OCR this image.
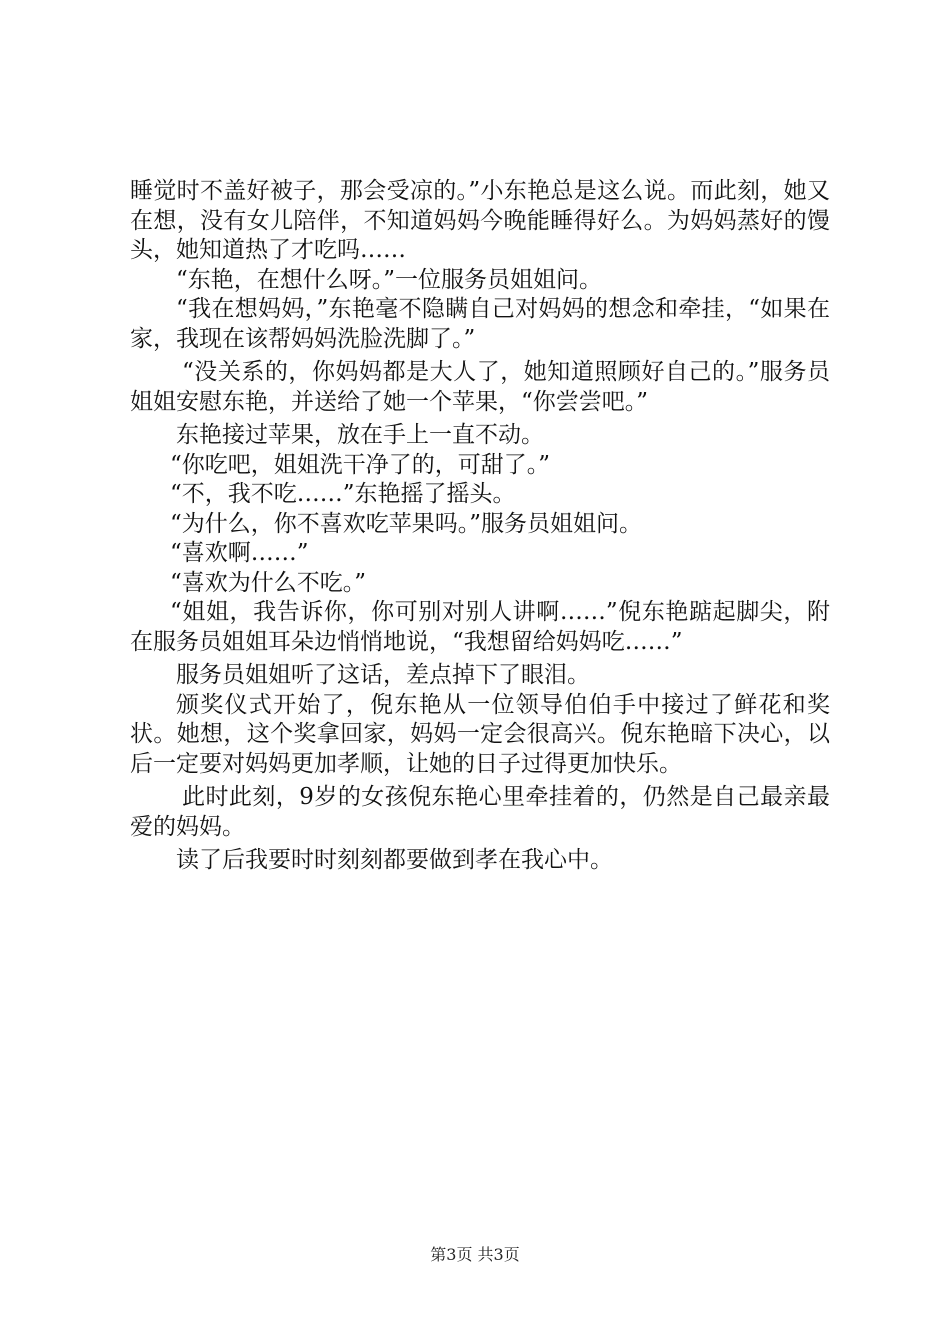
睡觉时不盖好被子，那会受凉的。”小东艳总是这么说。而此刻，她又在想，没有女儿陪伴，不知道妈妈今晚能睡得好么。为妈妈蒸好的馒头，她知道热了才吃吗……

“东艳，在想什么呀。”一位服务员姐姐问。

“我在想妈妈，”东艳毫不隐瞒自己对妈妈的想念和牵挂，“如果在家，我现在该帮妈妈洗脸洗脚了。”

“没关系的，你妈妈都是大人了，她知道照顾好自己的。”服务员姐姐安慰东艳，并送给了她一个苹果，“你尝尝吧。”

东艳接过苹果，放在手上一直不动。

“你吃吧，姐姐洗干净了的，可甜了。”

“不，我不吃……”东艳摇了摇头。

“为什么，你不喜欢吃苹果吗。”服务员姐姐问。

“喜欢啊……”

“喜欢为什么不吃。”

“姐姐，我告诉你，你可别对别人讲啊……”倪东艳踮起脚尖，附在服务员姐姐耳朵边悄悄地说，“我想留给妈妈吃……”

服务员姐姐听了这话，差点掉下了眼泪。

颁奖仪式开始了，倪东艳从一位领导伯伯手中接过了鲜花和奖状。她想，这个奖拿回家，妈妈一定会很高兴。倪东艳暗下决心，以后一定要对妈妈更加孝顺，让她的日子过得更加快乐。

此时此刻，9岁的女孩倪东艳心里牵挂着的，仍然是自己最亲最爱的妈妈。

读了后我要时时刻刻都要做到孝在我心中。

第3页 共3页
